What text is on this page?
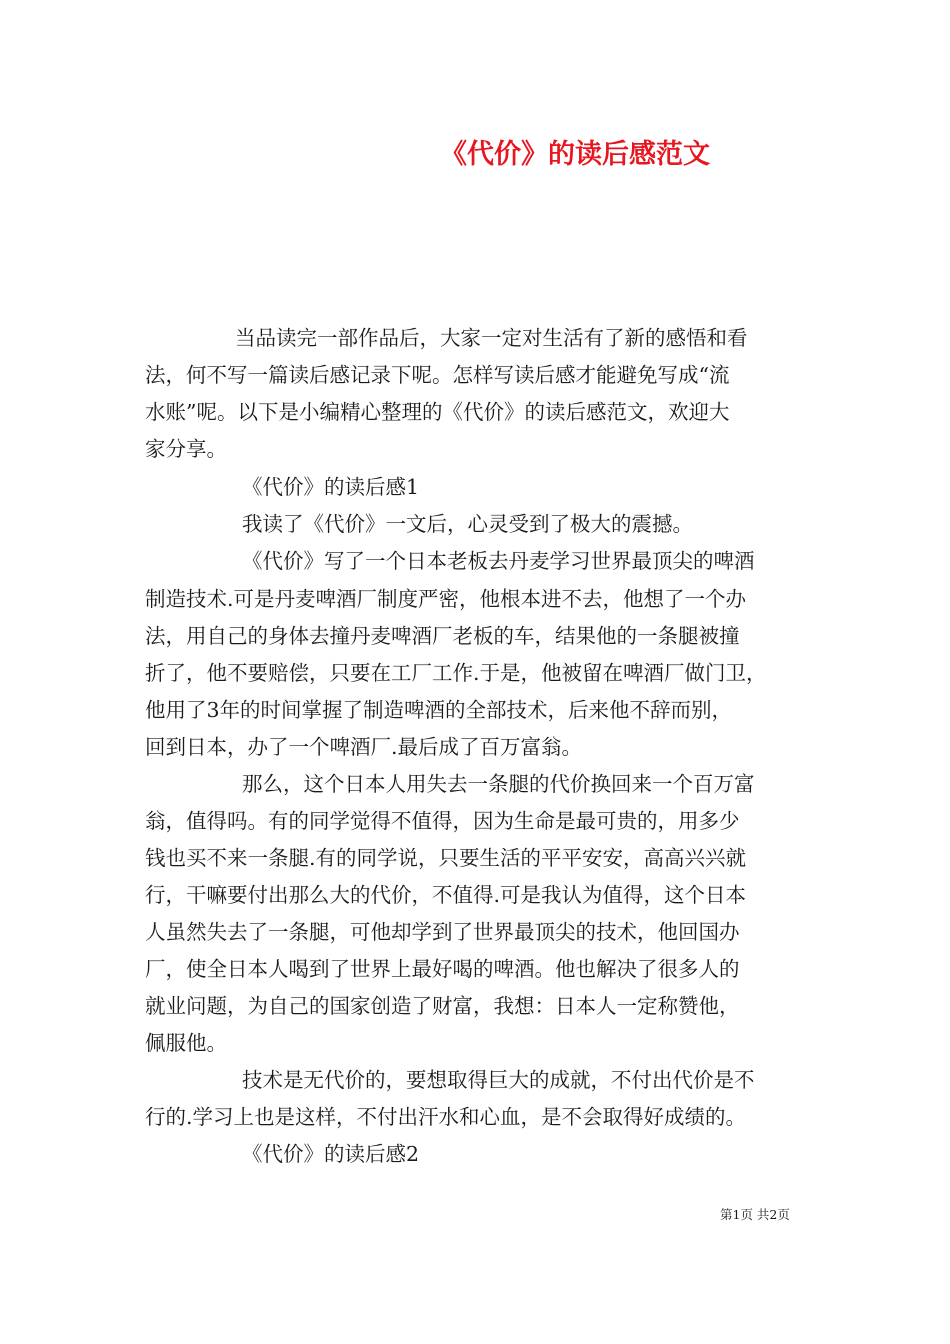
《代价》的读后感范文

当品读完一部作品后，大家一定对生活有了新的感悟和看

法，何不写一篇读后感记录下呢。怎样写读后感才能避免写成“流

水账”呢。以下是小编精心整理的《代价》的读后感范文，欢迎大

家分享。

《代价》的读后感1

我读了《代价》一文后，心灵受到了极大的震撼。

《代价》写了一个日本老板去丹麦学习世界最顶尖的啤酒

制造技术.可是丹麦啤酒厂制度严密，他根本进不去，他想了一个办

法，用自己的身体去撞丹麦啤酒厂老板的车，结果他的一条腿被撞

折了，他不要赔偿，只要在工厂工作.于是，他被留在啤酒厂做门卫，

他用了3年的时间掌握了制造啤酒的全部技术，后来他不辞而别，

回到日本，办了一个啤酒厂.最后成了百万富翁。

那么，这个日本人用失去一条腿的代价换回来一个百万富

翁，值得吗。有的同学觉得不值得，因为生命是最可贵的，用多少

钱也买不来一条腿.有的同学说，只要生活的平平安安，高高兴兴就

行，干嘛要付出那么大的代价，不值得.可是我认为值得，这个日本

人虽然失去了一条腿，可他却学到了世界最顶尖的技术，他回国办

厂，使全日本人喝到了世界上最好喝的啤酒。他也解决了很多人的

就业问题，为自己的国家创造了财富，我想：日本人一定称赞他，

佩服他。

技术是无代价的，要想取得巨大的成就，不付出代价是不

行的.学习上也是这样，不付出汗水和心血，是不会取得好成绩的。

《代价》的读后感2

第1页 共2页
